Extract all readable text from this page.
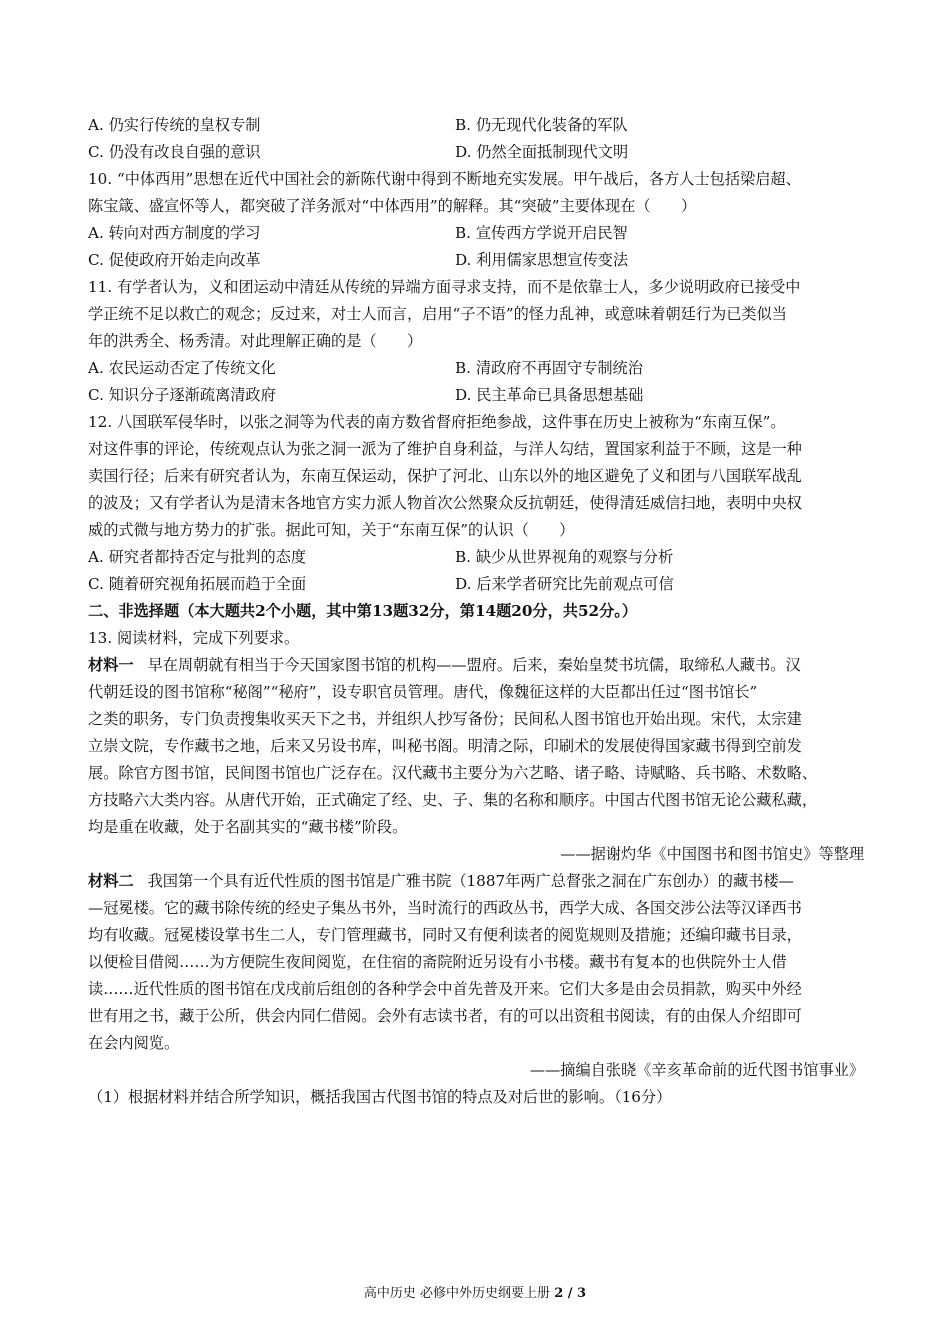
A. 仍实行传统的皇权专制	B. 仍无现代化装备的军队
C. 仍没有改良自强的意识	D. 仍然全面抵制现代文明
10. “中体西用”思想在近代中国社会的新陈代谢中得到不断地充实发展。甲午战后，各方人士包括梁启超、
陈宝箴、盛宣怀等人，都突破了洋务派对“中体西用”的解释。其“突破”主要体现在（　　）
A. 转向对西方制度的学习	B. 宣传西方学说开启民智
C. 促使政府开始走向改革	D. 利用儒家思想宣传变法
11. 有学者认为，义和团运动中清廷从传统的异端方面寻求支持，而不是依靠士人，多少说明政府已接受中
学正统不足以救亡的观念；反过来，对士人而言，启用“子不语”的怪力乱神，或意味着朝廷行为已类似当
年的洪秀全、杨秀清。对此理解正确的是（　　）
A. 农民运动否定了传统文化	B. 清政府不再固守专制统治
C. 知识分子逐渐疏离清政府	D. 民主革命已具备思想基础
12. 八国联军侵华时，以张之洞等为代表的南方数省督府拒绝参战，这件事在历史上被称为“东南互保”。
对这件事的评论，传统观点认为张之洞一派为了维护自身利益，与洋人勾结，置国家利益于不顾，这是一种
卖国行径；后来有研究者认为，东南互保运动，保护了河北、山东以外的地区避免了义和团与八国联军战乱
的波及；又有学者认为是清末各地官方实力派人物首次公然聚众反抗朝廷，使得清廷威信扫地，表明中央权
威的式微与地方势力的扩张。据此可知，关于“东南互保”的认识（　　）
A. 研究者都持否定与批判的态度	B. 缺少从世界视角的观察与分析
C. 随着研究视角拓展而趋于全面	D. 后来学者研究比先前观点可信
二、非选择题（本大题共2个小题，其中第13题32分，第14题20分，共52分。）
13. 阅读材料，完成下列要求。
材料一 早在周朝就有相当于今天国家图书馆的机构——盟府。后来，秦始皇焚书坑儒，取缔私人藏书。汉
代朝廷设的图书馆称“秘阁”“秘府”，设专职官员管理。唐代，像魏征这样的大臣都出任过“图书馆长”
之类的职务，专门负责搜集收买天下之书，并组织人抄写备份；民间私人图书馆也开始出现。宋代，太宗建
立崇文院，专作藏书之地，后来又另设书库，叫秘书阁。明清之际，印刷术的发展使得国家藏书得到空前发
展。除官方图书馆，民间图书馆也广泛存在。汉代藏书主要分为六艺略、诸子略、诗赋略、兵书略、术数略、
方技略六大类内容。从唐代开始，正式确定了经、史、子、集的名称和顺序。中国古代图书馆无论公藏私藏，
均是重在收藏，处于名副其实的“藏书楼”阶段。
——据谢灼华《中国图书和图书馆史》等整理
材料二 我国第一个具有近代性质的图书馆是广雅书院（1887年两广总督张之洞在广东创办）的藏书楼—
—冠冕楼。它的藏书除传统的经史子集丛书外，当时流行的西政丛书，西学大成、各国交涉公法等汉译西书
均有收藏。冠冕楼设掌书生二人，专门管理藏书，同时又有便利读者的阅览规则及措施；还编印藏书目录，
以便检目借阅……为方便院生夜间阅览，在住宿的斋院附近另设有小书楼。藏书有复本的也供院外士人借
读……近代性质的图书馆在戊戌前后组创的各种学会中首先普及开来。它们大多是由会员捐款，购买中外经
世有用之书，藏于公所，供会内同仁借阅。会外有志读书者，有的可以出资租书阅读，有的由保人介绍即可
在会内阅览。
——摘编自张晓《辛亥革命前的近代图书馆事业》
（1）根据材料并结合所学知识，概括我国古代图书馆的特点及对后世的影响。（16分）
高中历史 必修中外历史纲要上册 2 / 3
